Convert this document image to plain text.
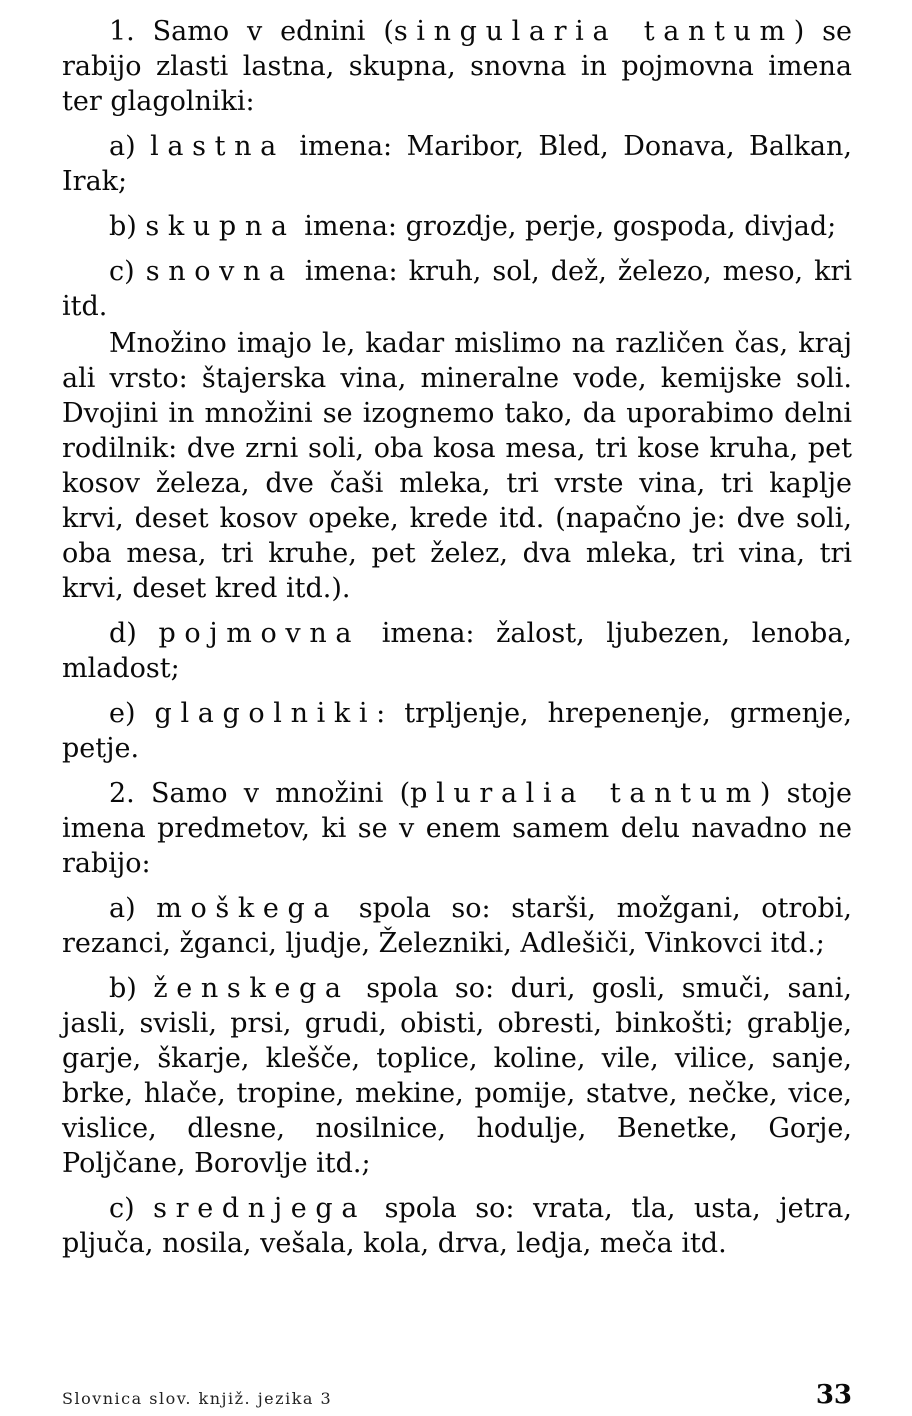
1. Samo v ednini (singularia tantum) se rabijo zlasti lastna, skupna, snovna in pojmovna imena ter glagolniki:

a) lastna imena: Maribor, Bled, Donava, Balkan, Irak;

b) skupna imena: grozdje, perje, gospoda, divjad;

c) snovna imena: kruh, sol, dež, železo, meso, kri itd.

Množino imajo le, kadar mislimo na različen čas, kraj ali vrsto: štajerska vina, mineralne vode, kemijske soli. Dvojini in množini se izognemo tako, da uporabimo delni rodilnik: dve zrni soli, oba kosa mesa, tri kose kruha, pet kosov železa, dve čaši mleka, tri vrste vina, tri kaplje krvi, deset kosov opeke, krede itd. (napačno je: dve soli, oba mesa, tri kruhe, pet želez, dva mleka, tri vina, tri krvi, deset kred itd.).

d) pojmovna imena: žalost, ljubezen, lenoba, mladost;

e) glagolniki: trpljenje, hrepenenje, grmenje, petje.

2. Samo v množini (pluralia tantum) stoje imena predmetov, ki se v enem samem delu navadno ne rabijo:

a) moškega spola so: starši, možgani, otrobi, rezanci, žganci, ljudje, Železniki, Adlešiči, Vinkovci itd.;

b) ženskega spola so: duri, gosli, smuči, sani, jasli, svisli, prsi, grudi, obisti, obresti, binkošti; grablje, garje, škarje, klešče, toplice, koline, vile, vilice, sanje, brke, hlače, tropine, mekine, pomije, statve, nečke, vice, vislice, dlesne, nosilnice, hodulje, Benetke, Gorje, Poljčane, Borovlje itd.;

c) srednjega spola so: vrata, tla, usta, jetra, pljuča, nosila, vešala, kola, drva, ledja, meča itd.

Slovnica slov. knjiž. jezika 3	33
